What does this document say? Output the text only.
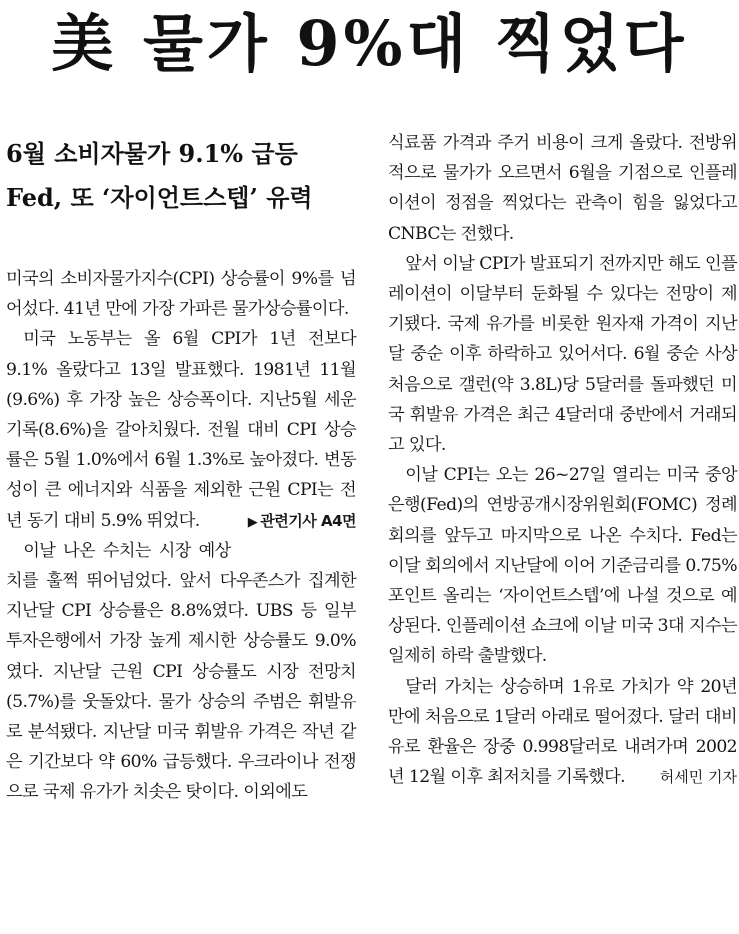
美 물가 9%대 찍었다
6월 소비자물가 9.1% 급등
Fed, 또 ‘자이언트스텝’ 유력

미국의 소비자물가지수(CPI) 상승률이 9%를 넘어섰다. 41년 만에 가장 가파른 물가상승률이다.

미국 노동부는 올 6월 CPI가 1년 전보다 9.1% 올랐다고 13일 발표했다. 1981년 11월(9.6%) 후 가장 높은 상승폭이다. 지난5월 세운 기록(8.6%)을 갈아치웠다. 전월 대비 CPI 상승률은 5월 1.0%에서 6월 1.3%로 높아졌다. 변동성이 큰 에너지와 식품을 제외한 근원 CPI는 전년 동기 대비 5.9% 뛰었다.	▶ 관련기사 A4면

이날 나온 수치는 시장 예상치를 훌쩍 뛰어넘었다. 앞서 다우존스가 집계한 지난달 CPI 상승률은 8.8%였다. UBS 등 일부 투자은행에서 가장 높게 제시한 상승률도 9.0%였다. 지난달 근원 CPI 상승률도 시장 전망치(5.7%)를 웃돌았다. 물가 상승의 주범은 휘발유로 분석됐다. 지난달 미국 휘발유 가격은 작년 같은 기간보다 약 60% 급등했다. 우크라이나 전쟁으로 국제 유가가 치솟은 탓이다. 이외에도

식료품 가격과 주거 비용이 크게 올랐다. 전방위적으로 물가가 오르면서 6월을 기점으로 인플레이션이 정점을 찍었다는 관측이 힘을 잃었다고 CNBC는 전했다.

앞서 이날 CPI가 발표되기 전까지만 해도 인플레이션이 이달부터 둔화될 수 있다는 전망이 제기됐다. 국제 유가를 비롯한 원자재 가격이 지난달 중순 이후 하락하고 있어서다. 6월 중순 사상 처음으로 갤런(약 3.8L)당 5달러를 돌파했던 미국 휘발유 가격은 최근 4달러대 중반에서 거래되고 있다.

이날 CPI는 오는 26~27일 열리는 미국 중앙은행(Fed)의 연방공개시장위원회(FOMC) 정례회의를 앞두고 마지막으로 나온 수치다. Fed는 이달 회의에서 지난달에 이어 기준금리를 0.75%포인트 올리는 ‘자이언트스텝’에 나설 것으로 예상된다. 인플레이션 쇼크에 이날 미국 3대 지수는 일제히 하락 출발했다.

달러 가치는 상승하며 1유로 가치가 약 20년 만에 처음으로 1달러 아래로 떨어졌다. 달러 대비 유로 환율은 장중 0.998달러로 내려가며 2002년 12월 이후 최저치를 기록했다.	허세민 기자
